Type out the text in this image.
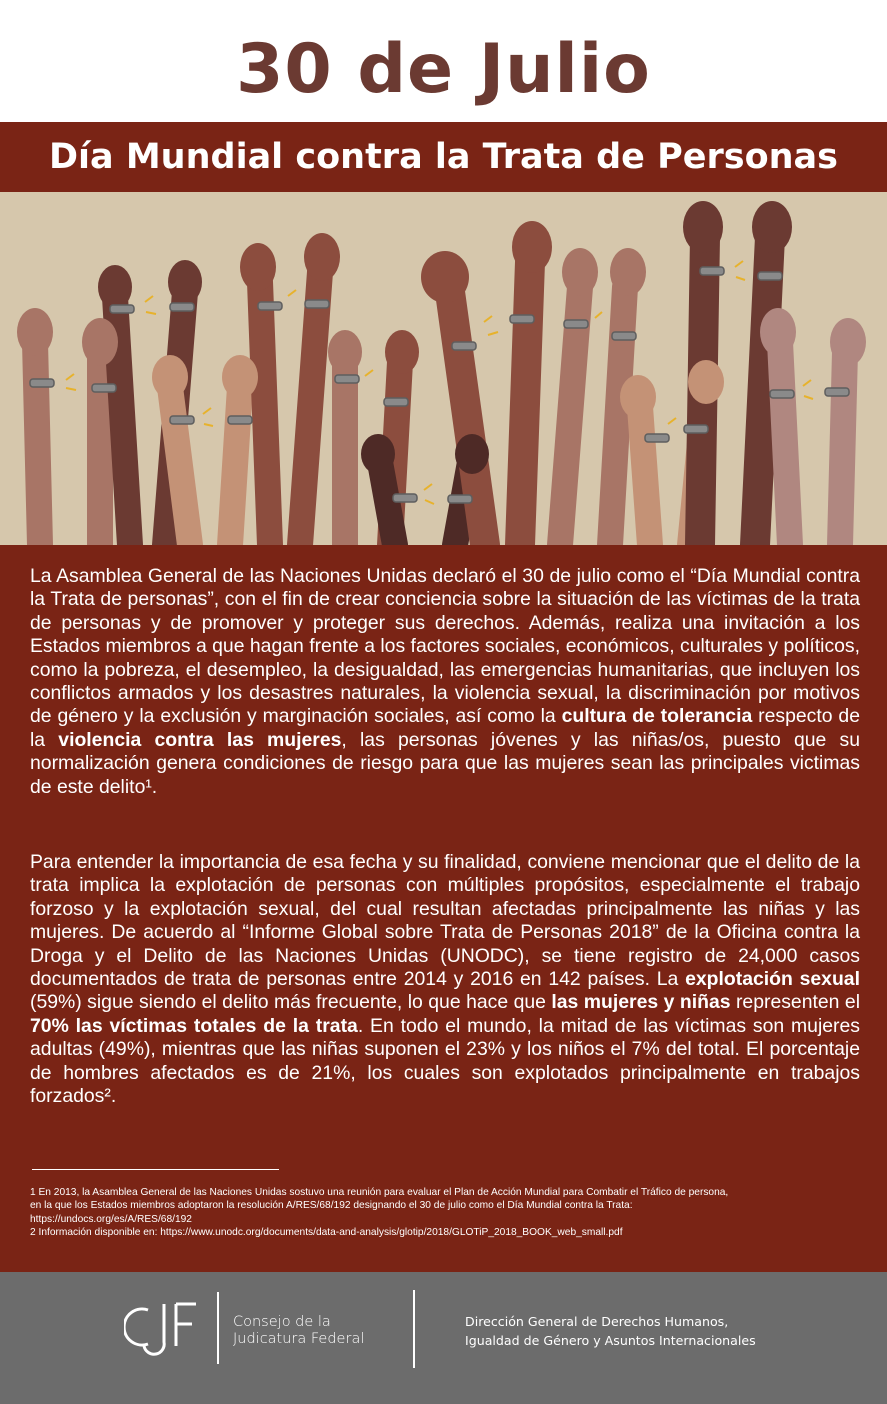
30 de Julio
Día Mundial contra la Trata de Personas

La Asamblea General de las Naciones Unidas declaró el 30 de julio como el “Día Mundial contra la Trata de personas”, con el fin de crear conciencia sobre la situación de las víctimas de la trata de personas y de promover y proteger sus derechos. Además, realiza una invitación a los Estados miembros a que hagan frente a los factores sociales, económicos, culturales y políticos, como la pobreza, el desempleo, la desigualdad, las emergencias humanitarias, que incluyen los conflictos armados y los desastres naturales, la violencia sexual, la discriminación por motivos de género y la exclusión y marginación sociales, así como la cultura de tolerancia respecto de la violencia contra las mujeres, las personas jóvenes y las niñas/os, puesto que su normalización genera condiciones de riesgo para que las mujeres sean las principales victimas de este delito¹.

Para entender la importancia de esa fecha y su finalidad, conviene mencionar que el delito de la trata implica la explotación de personas con múltiples propósitos, especialmente el trabajo forzoso y la explotación sexual, del cual resultan afectadas principalmente las niñas y las mujeres. De acuerdo al “Informe Global sobre Trata de Personas 2018” de la Oficina contra la Droga y el Delito de las Naciones Unidas (UNODC), se tiene registro de 24,000 casos documentados de trata de personas entre 2014 y 2016 en 142 países. La explotación sexual (59%) sigue siendo el delito más frecuente, lo que hace que las mujeres y niñas representen el 70% las víctimas totales de la trata. En todo el mundo, la mitad de las víctimas son mujeres adultas (49%), mientras que las niñas suponen el 23% y los niños el 7% del total. El porcentaje de hombres afectados es de 21%, los cuales son explotados principalmente en trabajos forzados².

1 En 2013, la Asamblea General de las Naciones Unidas sostuvo una reunión para evaluar el Plan de Acción Mundial para Combatir el Tráfico de persona,

en la que los Estados miembros adoptaron la resolución A/RES/68/192 designando el 30 de julio como el Día Mundial contra la Trata:

https://undocs.org/es/A/RES/68/192

2 Información disponible en: https://www.unodc.org/documents/data-and-analysis/glotip/2018/GLOTiP_2018_BOOK_web_small.pdf

Consejo de la
Judicatura Federal
Dirección General de Derechos Humanos,
Igualdad de Género y Asuntos Internacionales
